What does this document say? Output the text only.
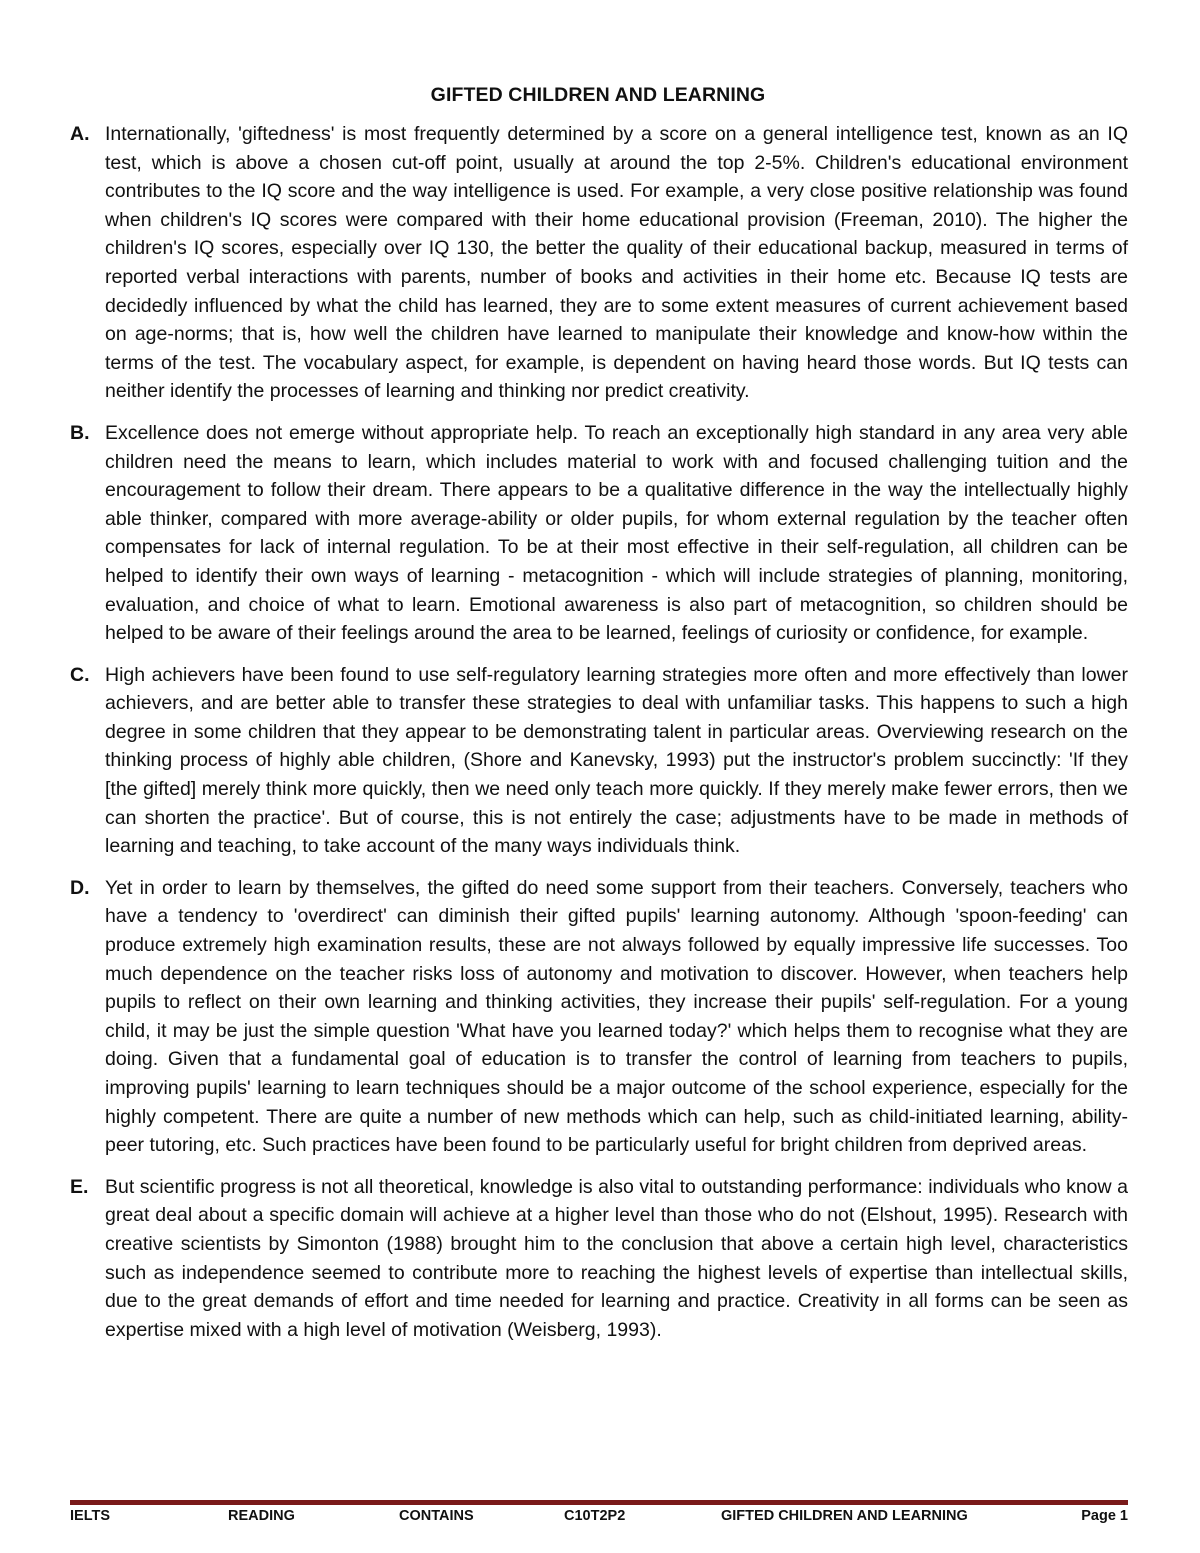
GIFTED CHILDREN AND LEARNING
A. Internationally, 'giftedness' is most frequently determined by a score on a general intelligence test, known as an IQ test, which is above a chosen cut-off point, usually at around the top 2-5%. Children's educational environment contributes to the IQ score and the way intelligence is used. For example, a very close positive relationship was found when children's IQ scores were compared with their home educational provision (Freeman, 2010). The higher the children's IQ scores, especially over IQ 130, the better the quality of their educational backup, measured in terms of reported verbal interactions with parents, number of books and activities in their home etc. Because IQ tests are decidedly influenced by what the child has learned, they are to some extent measures of current achievement based on age-norms; that is, how well the children have learned to manipulate their knowledge and know-how within the terms of the test. The vocabulary aspect, for example, is dependent on having heard those words. But IQ tests can neither identify the processes of learning and thinking nor predict creativity.
B. Excellence does not emerge without appropriate help. To reach an exceptionally high standard in any area very able children need the means to learn, which includes material to work with and focused challenging tuition and the encouragement to follow their dream. There appears to be a qualitative difference in the way the intellectually highly able thinker, compared with more average-ability or older pupils, for whom external regulation by the teacher often compensates for lack of internal regulation. To be at their most effective in their self-regulation, all children can be helped to identify their own ways of learning - metacognition - which will include strategies of planning, monitoring, evaluation, and choice of what to learn. Emotional awareness is also part of metacognition, so children should be helped to be aware of their feelings around the area to be learned, feelings of curiosity or confidence, for example.
C. High achievers have been found to use self-regulatory learning strategies more often and more effectively than lower achievers, and are better able to transfer these strategies to deal with unfamiliar tasks. This happens to such a high degree in some children that they appear to be demonstrating talent in particular areas. Overviewing research on the thinking process of highly able children, (Shore and Kanevsky, 1993) put the instructor's problem succinctly: 'If they [the gifted] merely think more quickly, then we need only teach more quickly. If they merely make fewer errors, then we can shorten the practice'. But of course, this is not entirely the case; adjustments have to be made in methods of learning and teaching, to take account of the many ways individuals think.
D. Yet in order to learn by themselves, the gifted do need some support from their teachers. Conversely, teachers who have a tendency to 'overdirect' can diminish their gifted pupils' learning autonomy. Although 'spoon-feeding' can produce extremely high examination results, these are not always followed by equally impressive life successes. Too much dependence on the teacher risks loss of autonomy and motivation to discover. However, when teachers help pupils to reflect on their own learning and thinking activities, they increase their pupils' self-regulation. For a young child, it may be just the simple question 'What have you learned today?' which helps them to recognise what they are doing. Given that a fundamental goal of education is to transfer the control of learning from teachers to pupils, improving pupils' learning to learn techniques should be a major outcome of the school experience, especially for the highly competent. There are quite a number of new methods which can help, such as child-initiated learning, ability-peer tutoring, etc. Such practices have been found to be particularly useful for bright children from deprived areas.
E. But scientific progress is not all theoretical, knowledge is also vital to outstanding performance: individuals who know a great deal about a specific domain will achieve at a higher level than those who do not (Elshout, 1995). Research with creative scientists by Simonton (1988) brought him to the conclusion that above a certain high level, characteristics such as independence seemed to contribute more to reaching the highest levels of expertise than intellectual skills, due to the great demands of effort and time needed for learning and practice. Creativity in all forms can be seen as expertise mixed with a high level of motivation (Weisberg, 1993).
IELTS	READING	CONTAINS	C10T2P2	GIFTED CHILDREN AND LEARNING	Page 1
